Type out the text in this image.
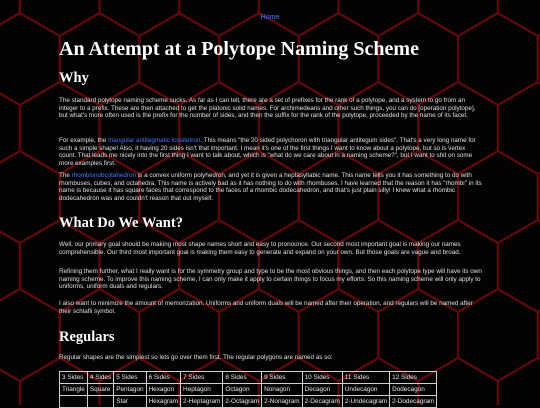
Home
An Attempt at a Polytope Naming Scheme
Why

The standard polytope naming scheme sucks. As far as I can tell, there are a set of prefixes for the rank of a polytope, and a system to go from an integer to a prefix. These are then attached to get the platonic solid names. For archimedeans and other such things, you can do [operation polytope], but what's more often used is the prefix for the number of sides, and then the suffix for the rank of the polytope, proceeded by the name of its facet.

For example, the triangular antitegmatic icositetron. This means "the 20 sided polychoron with triangular antitegum sides". That's a very long name for such a simple shape! Also, it having 20 sides isn't that important. I mean it's one of the first things I want to know about a polytope, but so is vertex count. That leads me nicely into the first thing I want to talk about, which is "what do we care about in a naming scheme?", but I want to shit on some more examples first.

The rhombisnubcotahedron is a convex uniform polyhedron, and yet it is given a heptasyllabic name. This name tells you it has something to do with rhombuses, cubes, and octahedra. This name is actively bad as it has nothing to do with rhombuses. I have learned that the reason it has "rhombi" in its name is because it has square faces that correspond to the faces of a rhombic dodecahedron, and that's just plain silly! I knew what a rhombic dodecahedron was and couldn't reason that out myself.

What Do We Want?

Well, our primary goal should be making most shape names short and easy to pronounce. Our second most important goal is making our names comprehensible. Our third most important goal is making them easy to generate and expand on your own. But those goals are vague and broad.

Refining them further, what I really want is for the symmetry group and type to be the most obvious things, and then each polytope type will have its own naming scheme. To improve this naming scheme, I can only make it apply to certain things to focus my efforts. So this naming scheme will only apply to uniforms, uniform duals and regulars.

I also want to minimize the amount of memorization. Uniforms and uniform duals will be named after their operation, and regulars will be named after their schlafli symbol.

Regulars

Regular shapes are the simplest so lets go over them first. The regular polygons are named as so:

3 Sides	4 Sides	5 Sides	6 Sides	7 Sides	8 Sides	9 Sides	10 Sides	11 Sides	12 Sides
Triangle	Square	Pentagon	Hexagon	Heptagon	Octagon	Nonagon	Decagon	Undecagon	Dodecagon
		Star	Hexagram	2-Heptagram	2-Octagram	2-Nonagram	2-Decagram	2-Undecagram	2-Dodecagram
